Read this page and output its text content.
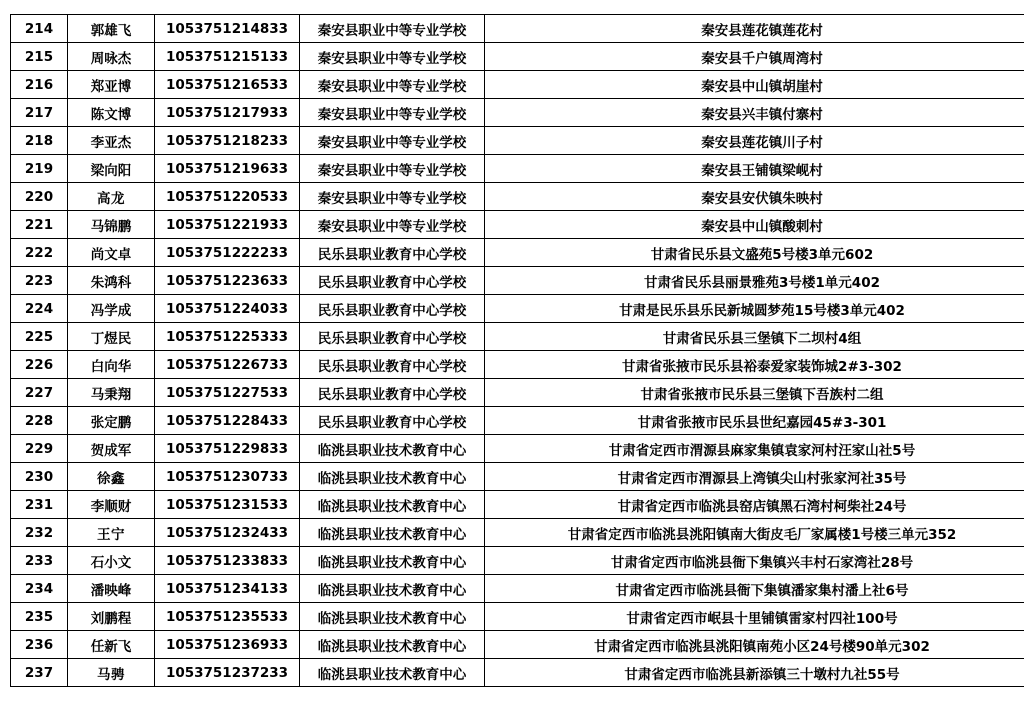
214	郭雄飞	1053751214833	秦安县职业中等专业学校	秦安县莲花镇莲花村
215	周咏杰	1053751215133	秦安县职业中等专业学校	秦安县千户镇周湾村
216	郑亚博	1053751216533	秦安县职业中等专业学校	秦安县中山镇胡崖村
217	陈文博	1053751217933	秦安县职业中等专业学校	秦安县兴丰镇付寨村
218	李亚杰	1053751218233	秦安县职业中等专业学校	秦安县莲花镇川子村
219	梁向阳	1053751219633	秦安县职业中等专业学校	秦安县王铺镇梁岘村
220	高龙	1053751220533	秦安县职业中等专业学校	秦安县安伏镇朱映村
221	马锦鹏	1053751221933	秦安县职业中等专业学校	秦安县中山镇酸刺村
222	尚文卓	1053751222233	民乐县职业教育中心学校	甘肃省民乐县文盛苑5号楼3单元602
223	朱鸿科	1053751223633	民乐县职业教育中心学校	甘肃省民乐县丽景雅苑3号楼1单元402
224	冯学成	1053751224033	民乐县职业教育中心学校	甘肃是民乐县乐民新城圆梦苑15号楼3单元402
225	丁煜民	1053751225333	民乐县职业教育中心学校	甘肃省民乐县三堡镇下二坝村4组
226	白向华	1053751226733	民乐县职业教育中心学校	甘肃省张掖市民乐县裕泰爱家装饰城2#3-302
227	马秉翔	1053751227533	民乐县职业教育中心学校	甘肃省张掖市民乐县三堡镇下吾族村二组
228	张定鹏	1053751228433	民乐县职业教育中心学校	甘肃省张掖市民乐县世纪嘉园45#3-301
229	贺成军	1053751229833	临洮县职业技术教育中心	甘肃省定西市渭源县麻家集镇袁家河村汪家山社5号
230	徐鑫	1053751230733	临洮县职业技术教育中心	甘肃省定西市渭源县上湾镇尖山村张家河社35号
231	李顺财	1053751231533	临洮县职业技术教育中心	甘肃省定西市临洮县窑店镇黑石湾村柯柴社24号
232	王宁	1053751232433	临洮县职业技术教育中心	甘肃省定西市临洮县洮阳镇南大街皮毛厂家属楼1号楼三单元352
233	石小文	1053751233833	临洮县职业技术教育中心	甘肃省定西市临洮县衙下集镇兴丰村石家湾社28号
234	潘映峰	1053751234133	临洮县职业技术教育中心	甘肃省定西市临洮县衙下集镇潘家集村潘上社6号
235	刘鹏程	1053751235533	临洮县职业技术教育中心	甘肃省定西市岷县十里铺镇雷家村四社100号
236	任新飞	1053751236933	临洮县职业技术教育中心	甘肃省定西市临洮县洮阳镇南苑小区24号楼90单元302
237	马骋	1053751237233	临洮县职业技术教育中心	甘肃省定西市临洮县新添镇三十墩村九社55号
